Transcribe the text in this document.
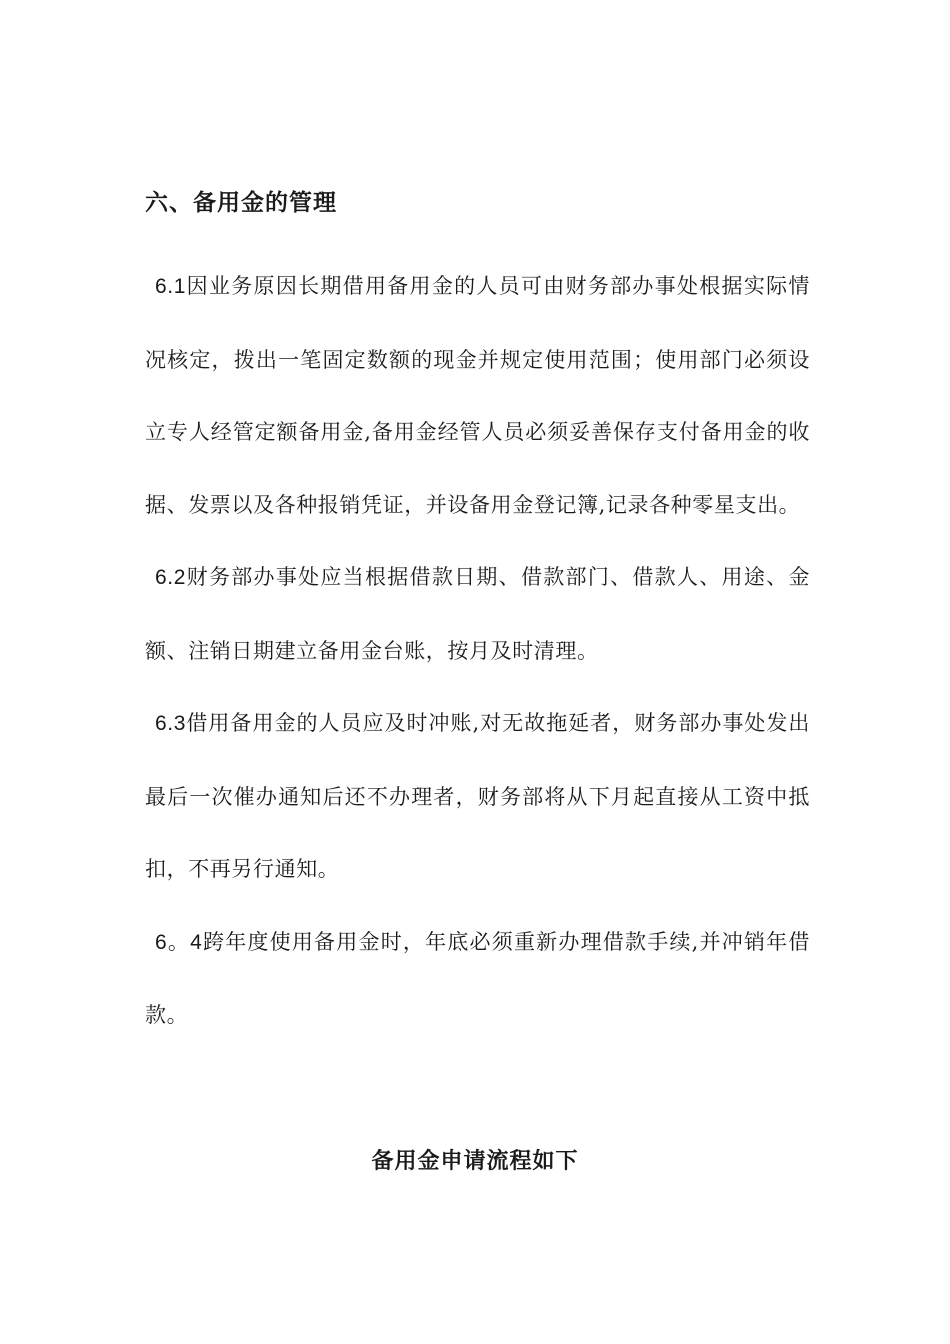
六、备用金的管理

6.1因业务原因长期借用备用金的人员可由财务部办事处根据实际情况核定，拨出一笔固定数额的现金并规定使用范围；使用部门必须设立专人经管定额备用金,备用金经管人员必须妥善保存支付备用金的收据、发票以及各种报销凭证，并设备用金登记簿,记录各种零星支出。

6.2财务部办事处应当根据借款日期、借款部门、借款人、用途、金额、注销日期建立备用金台账，按月及时清理。

6.3借用备用金的人员应及时冲账,对无故拖延者，财务部办事处发出最后一次催办通知后还不办理者，财务部将从下月起直接从工资中抵扣，不再另行通知。

6。4跨年度使用备用金时，年底必须重新办理借款手续,并冲销年借款。

备用金申请流程如下
